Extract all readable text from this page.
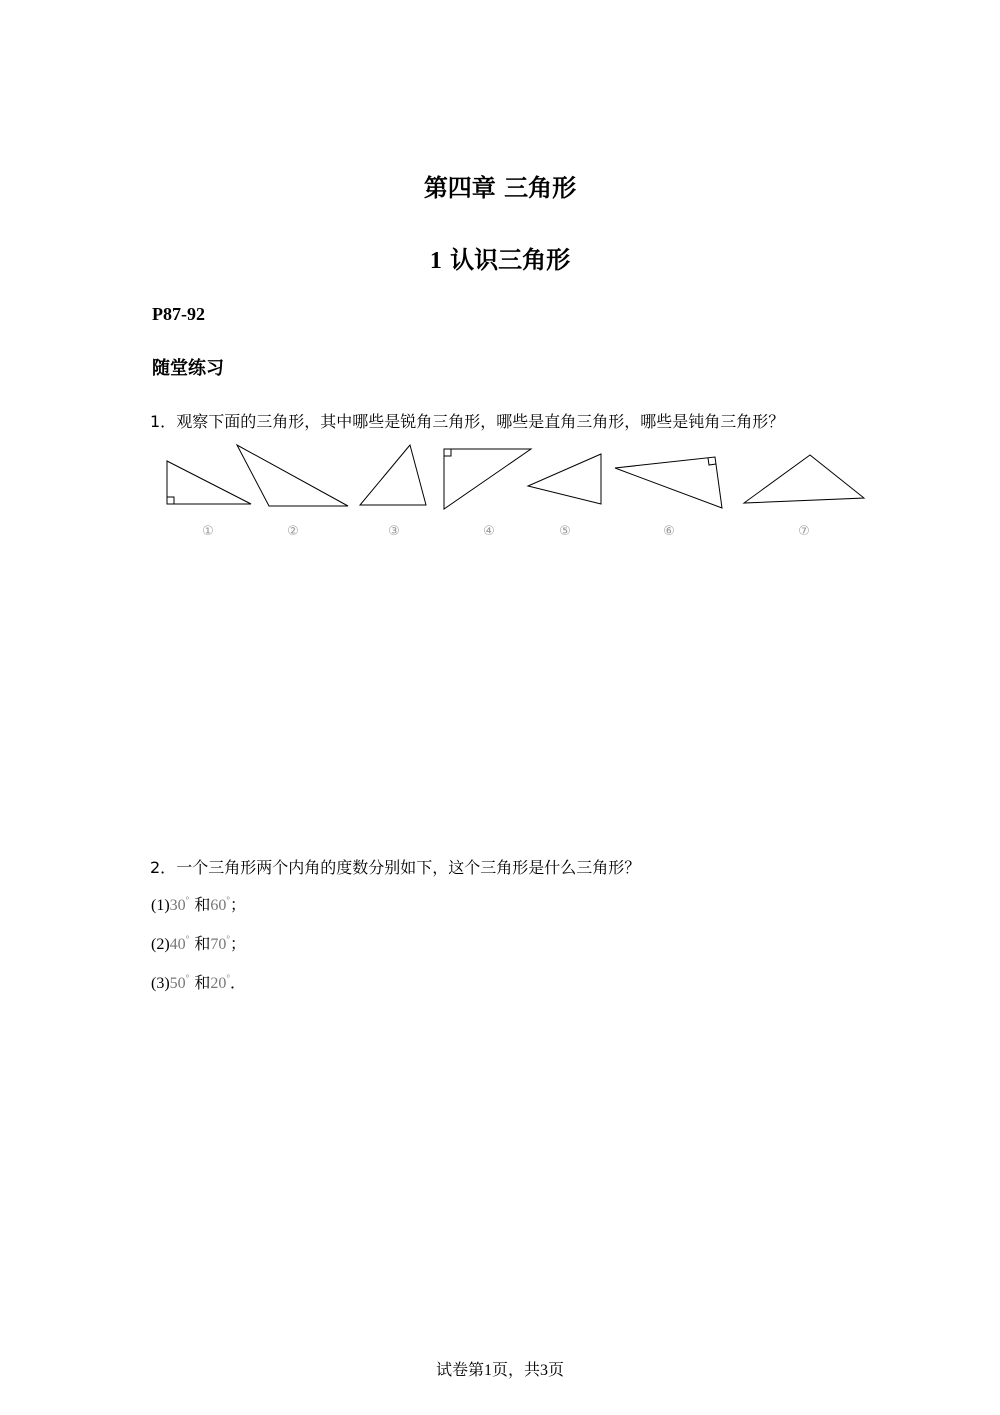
第四章 三角形
1 认识三角形
P87-92
随堂练习
1．观察下面的三角形，其中哪些是锐角三角形，哪些是直角三角形，哪些是钝角三角形？
①	②	③	④	⑤	⑥	⑦
2．一个三角形两个内角的度数分别如下，这个三角形是什么三角形？
(1)30° 和60°；
(2)40° 和70°；
(3)50° 和20°．
试卷第1页，共3页
